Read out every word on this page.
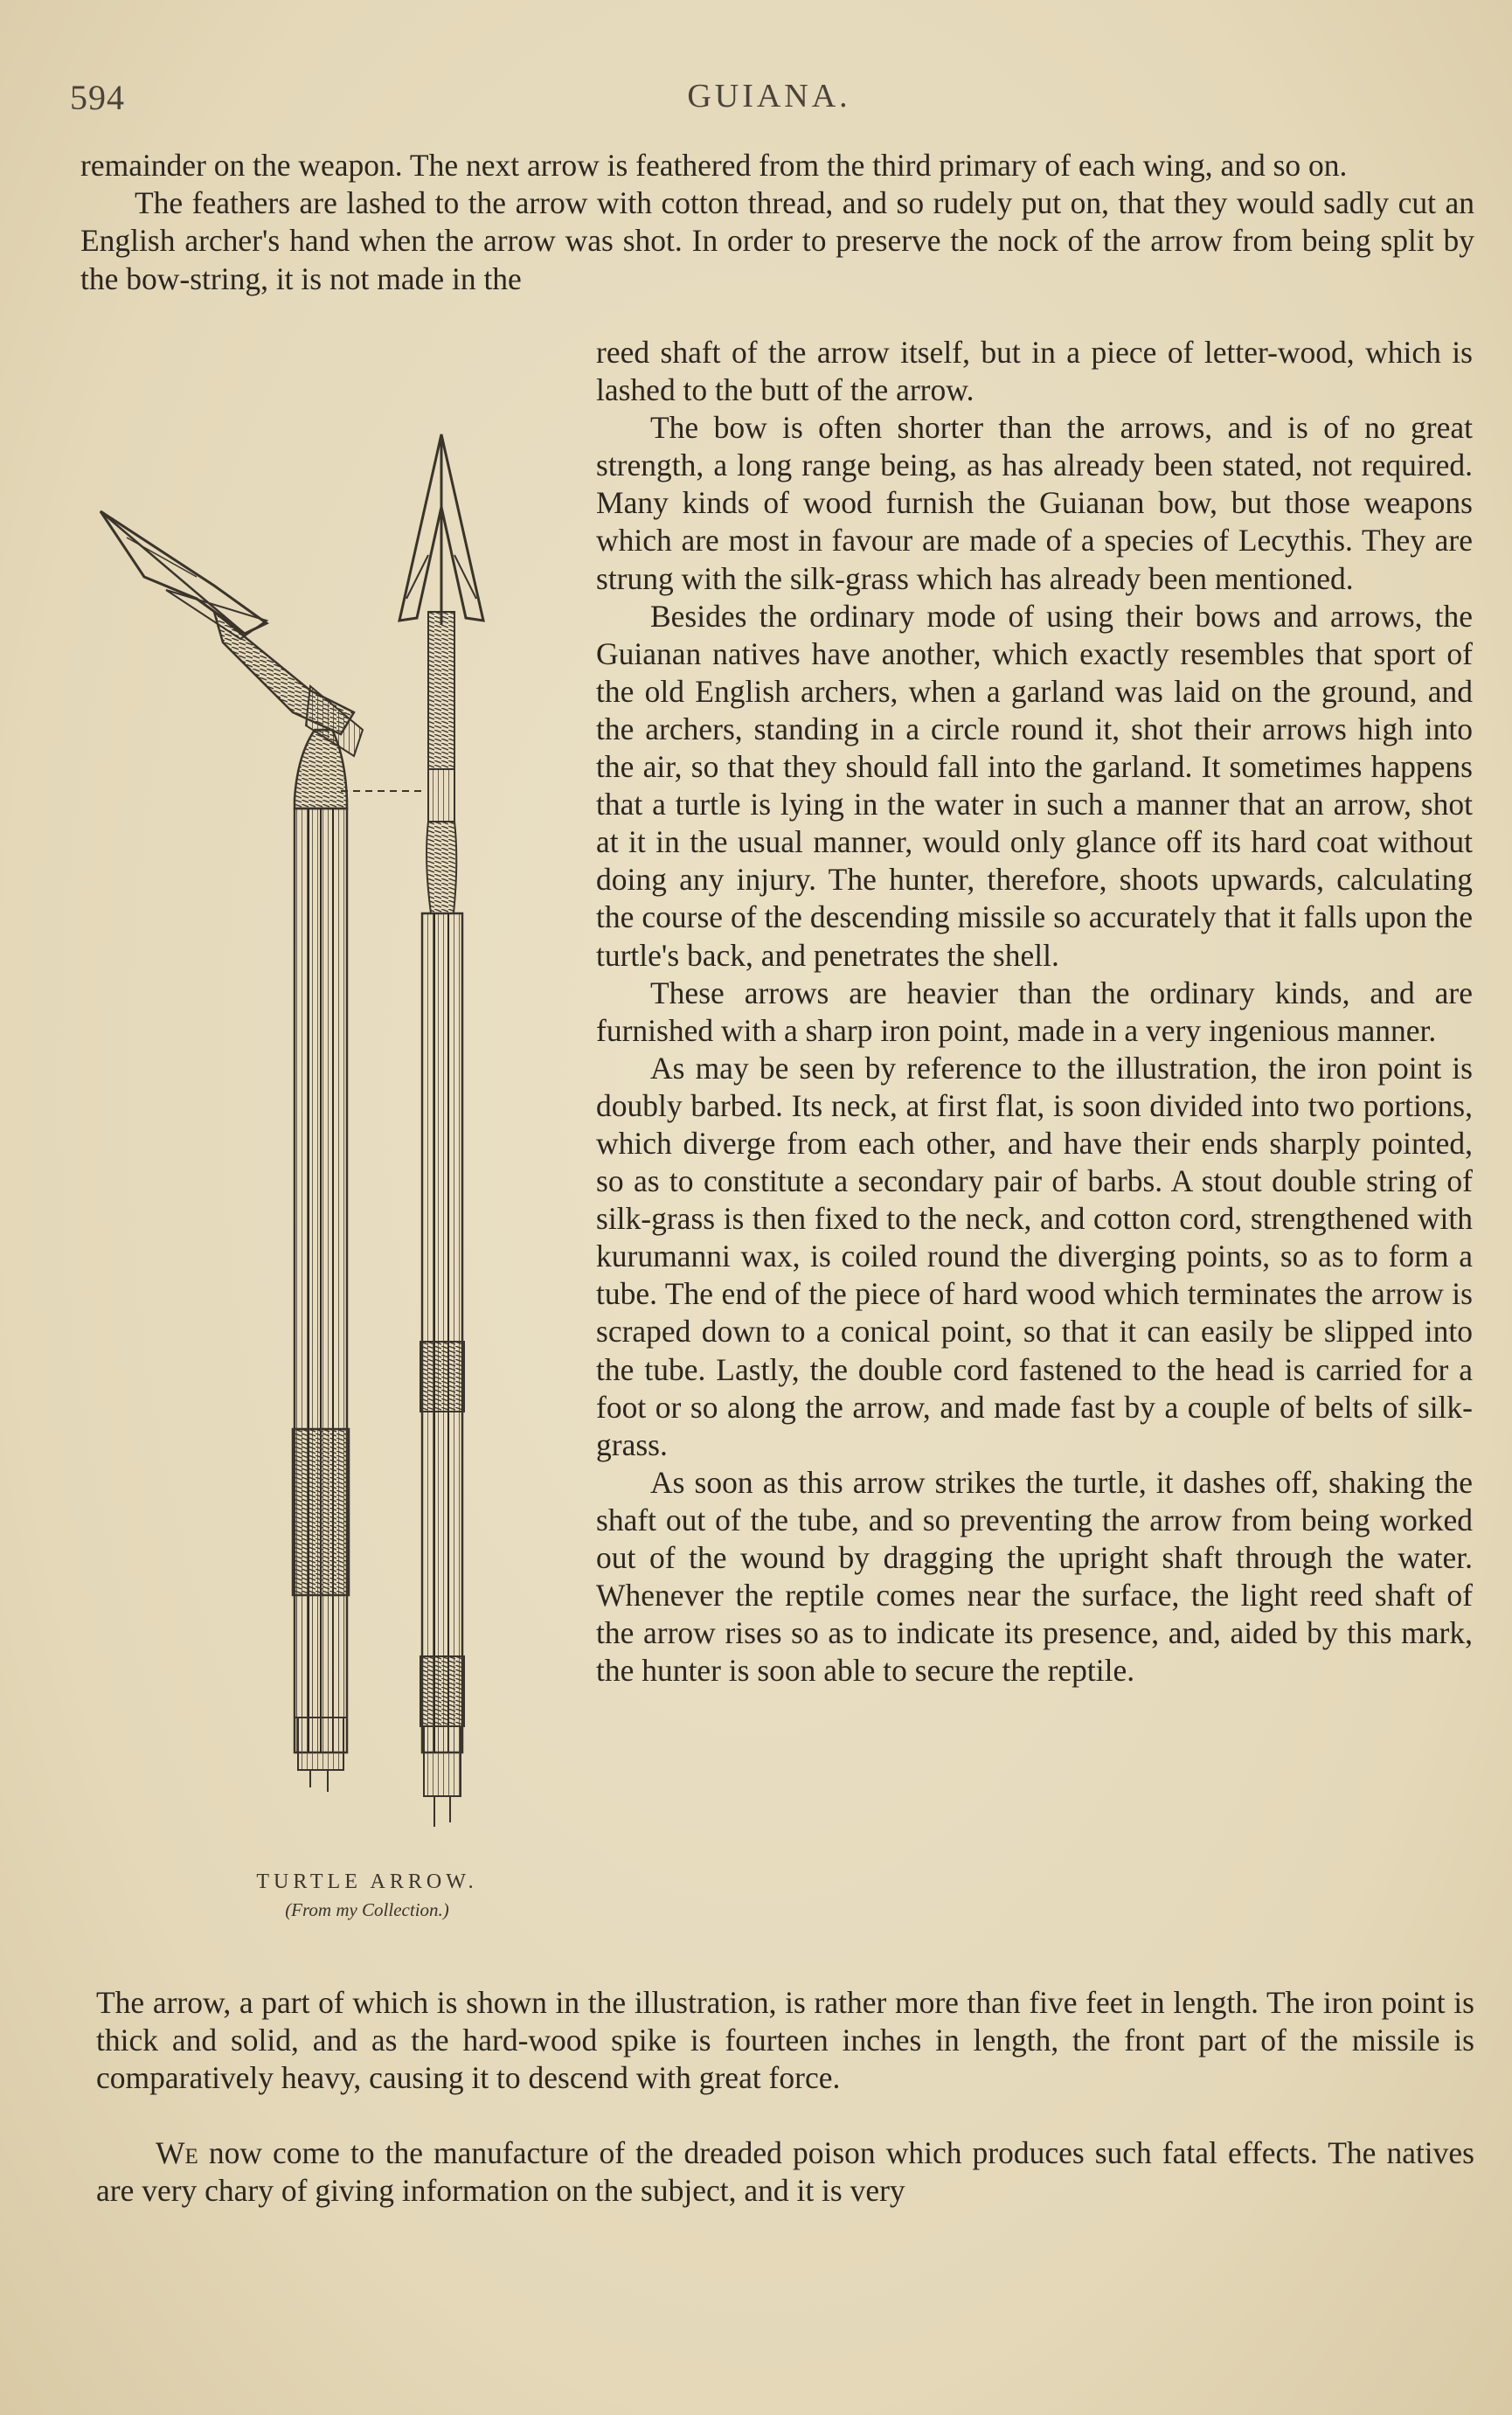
594	GUIANA.

remainder on the weapon. The next arrow is feathered from the third primary of each wing, and so on.

The feathers are lashed to the arrow with cotton thread, and so rudely put on, that they would sadly cut an English archer's hand when the arrow was shot. In order to preserve the nock of the arrow from being split by the bow-string, it is not made in the

reed shaft of the arrow itself, but in a piece of letter-wood, which is lashed to the butt of the arrow.

The bow is often shorter than the arrows, and is of no great strength, a long range being, as has already been stated, not required. Many kinds of wood furnish the Guianan bow, but those weapons which are most in favour are made of a species of Lecythis. They are strung with the silk-grass which has already been mentioned.

Besides the ordinary mode of using their bows and arrows, the Guianan natives have another, which exactly resembles that sport of the old English archers, when a garland was laid on the ground, and the archers, standing in a circle round it, shot their arrows high into the air, so that they should fall into the garland. It sometimes happens that a turtle is lying in the water in such a manner that an arrow, shot at it in the usual manner, would only glance off its hard coat without doing any injury. The hunter, therefore, shoots upwards, calculating the course of the descending missile so accurately that it falls upon the turtle's back, and penetrates the shell.

These arrows are heavier than the ordinary kinds, and are furnished with a sharp iron point, made in a very ingenious manner.

As may be seen by reference to the illustration, the iron point is doubly barbed. Its neck, at first flat, is soon divided into two portions, which diverge from each other, and have their ends sharply pointed, so as to constitute a secondary pair of barbs. A stout double string of silk-grass is then fixed to the neck, and cotton cord, strengthened with kurumanni wax, is coiled round the diverging points, so as to form a tube. The end of the piece of hard wood which terminates the arrow is scraped down to a conical point, so that it can easily be slipped into the tube. Lastly, the double cord fastened to the head is carried for a foot or so along the arrow, and made fast by a couple of belts of silk-grass.

As soon as this arrow strikes the turtle, it dashes off, shaking the shaft out of the tube, and so preventing the arrow from being worked out of the wound by dragging the upright shaft through the water. Whenever the reptile comes near the surface, the light reed shaft of the arrow rises so as to indicate its presence, and, aided by this mark, the hunter is soon able to secure the reptile.

TURTLE ARROW.
(From my Collection.)

The arrow, a part of which is shown in the illustration, is rather more than five feet in length. The iron point is thick and solid, and as the hard-wood spike is fourteen inches in length, the front part of the missile is comparatively heavy, causing it to descend with great force.

We now come to the manufacture of the dreaded poison which produces such fatal effects. The natives are very chary of giving information on the subject, and it is very
